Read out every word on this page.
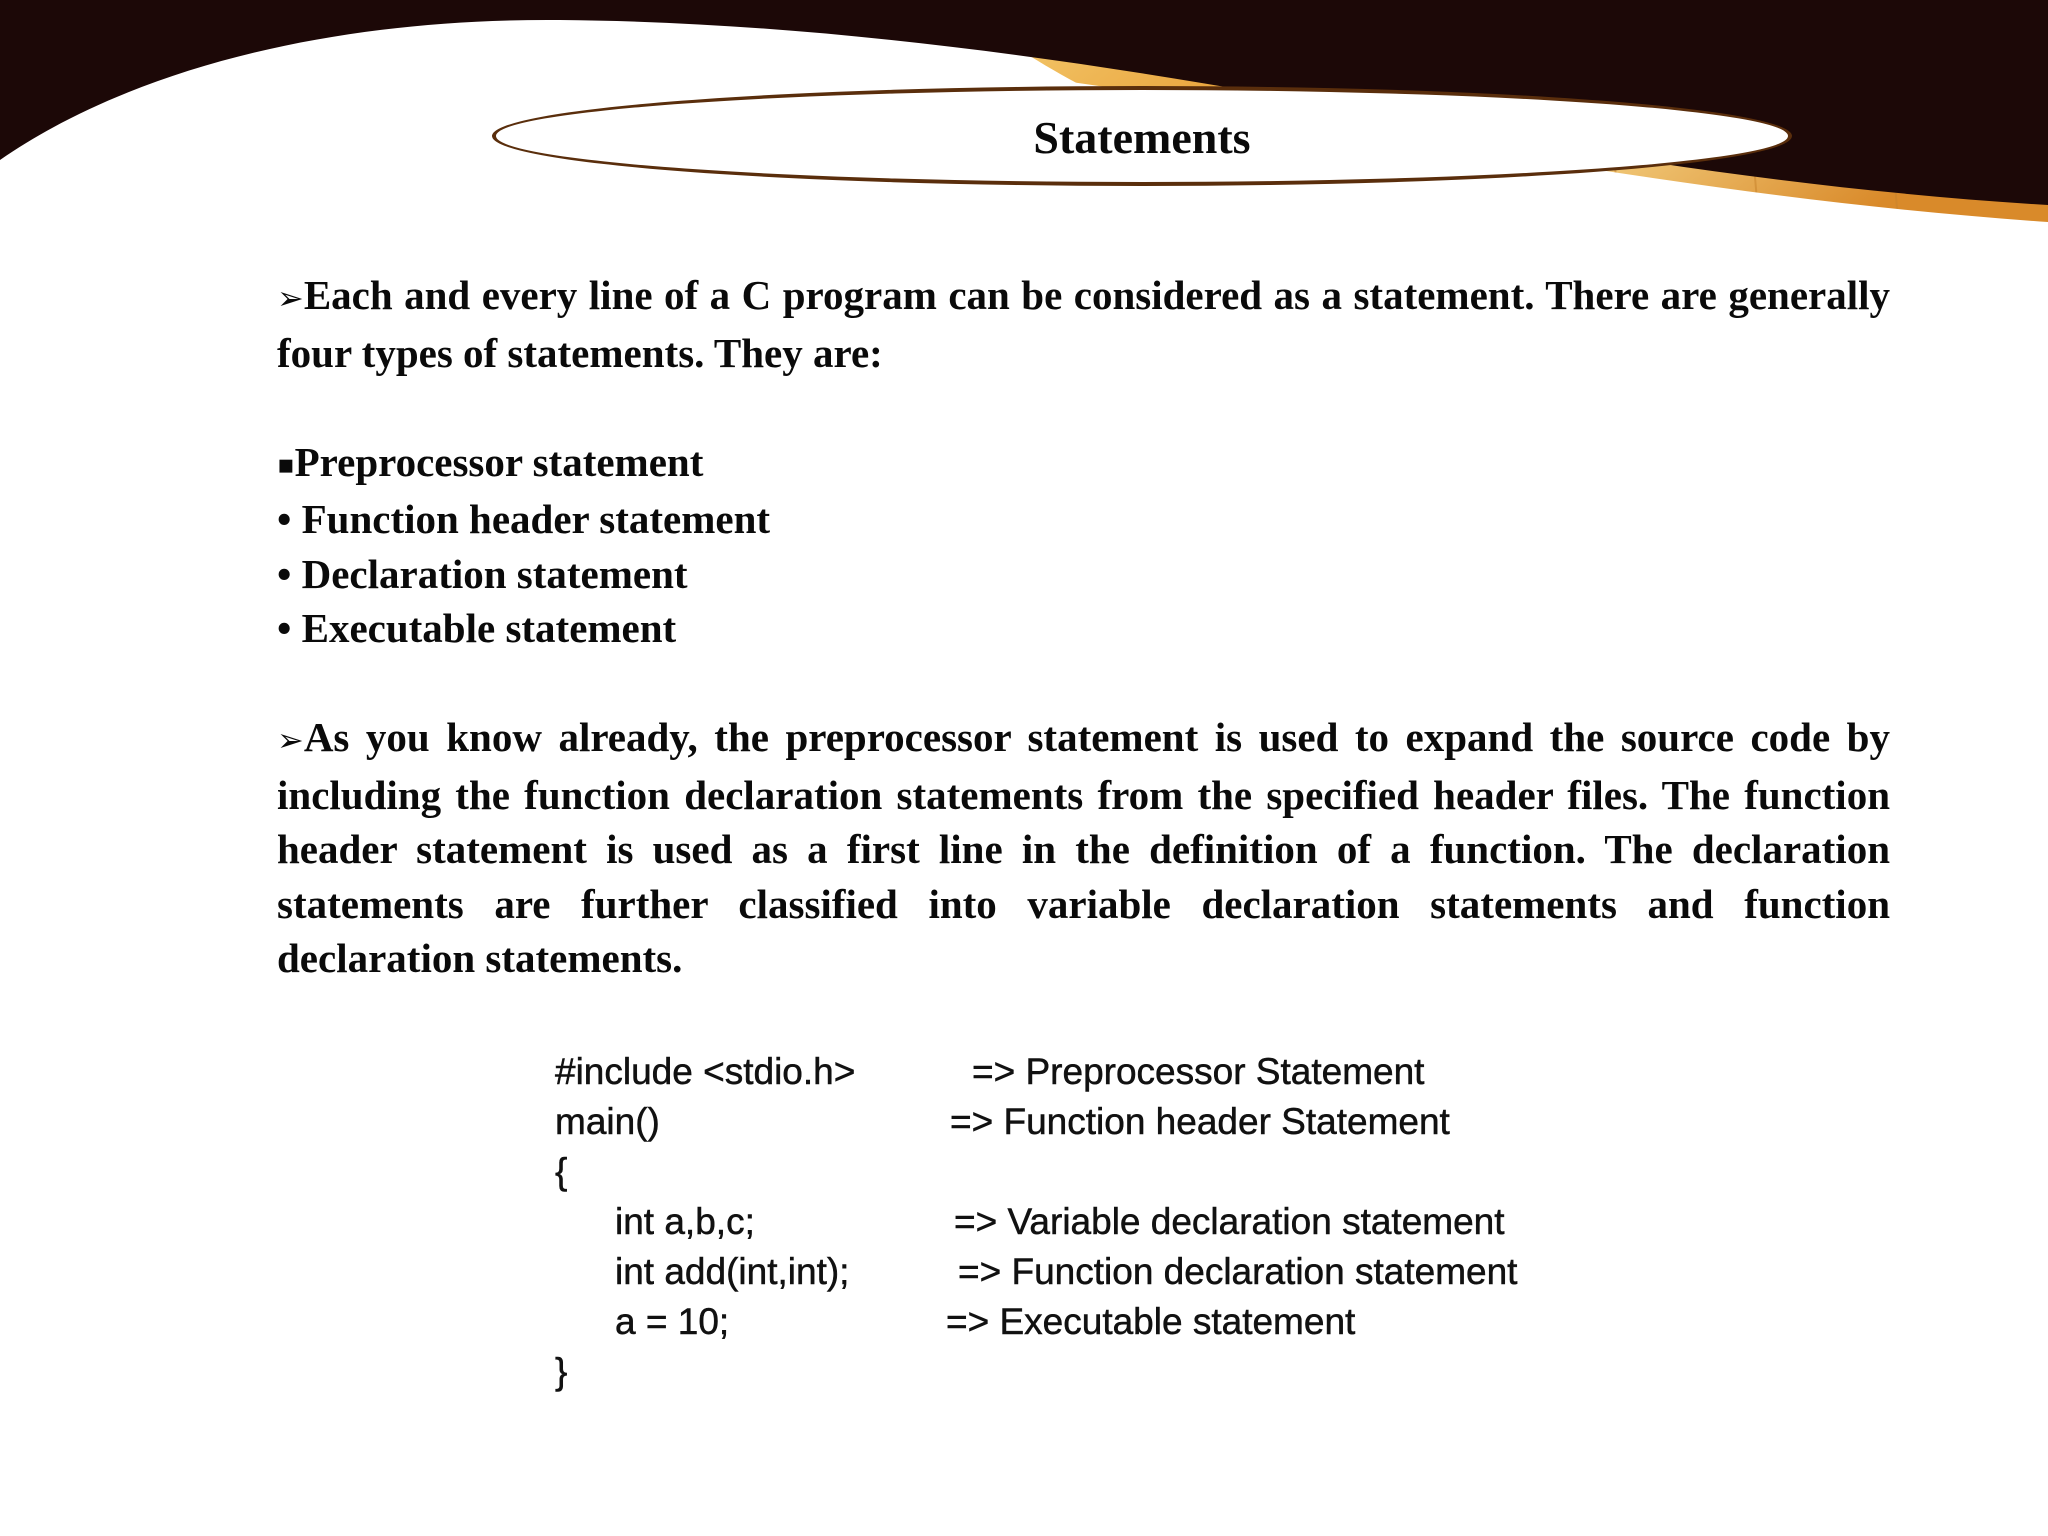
Statements

➢Each and every line of a C program can be considered as a statement. There are generally four types of statements. They are:

▪Preprocessor statement
• Function header statement
• Declaration statement
• Executable statement

➢As you know already, the preprocessor statement is used to expand the source code by including the function declaration statements from the specified header files. The function header statement is used as a first line in the definition of a function. The declaration statements are further classified into variable declaration statements and function declaration statements.

#include <stdio.h>	=> Preprocessor Statement
main()	=> Function header Statement
{
int a,b,c;	=> Variable declaration statement
int add(int,int);	=> Function declaration statement
a = 10;	=> Executable statement
}
